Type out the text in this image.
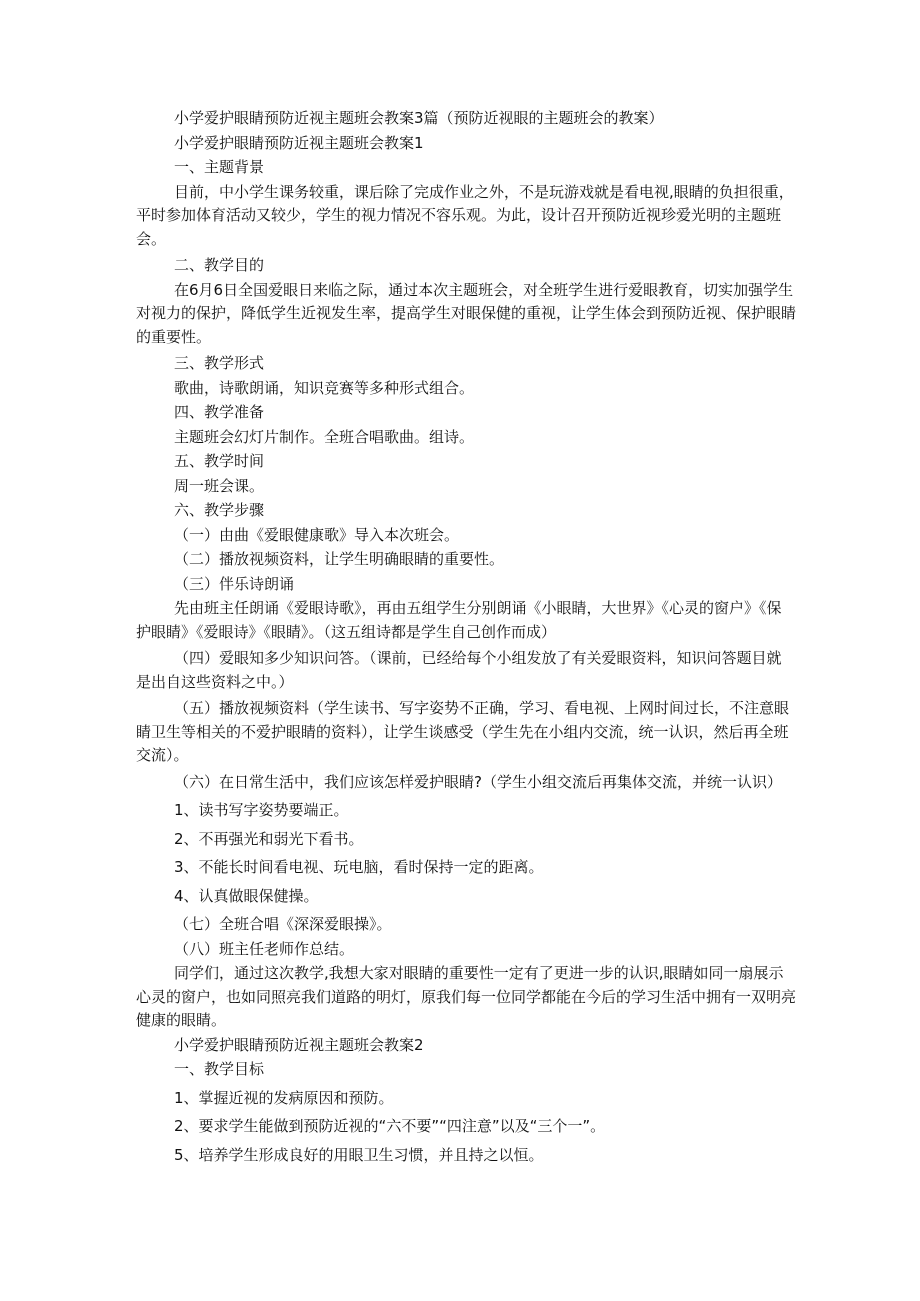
小学爱护眼睛预防近视主题班会教案3篇（预防近视眼的主题班会的教案）

小学爱护眼睛预防近视主题班会教案1

一、主题背景

目前，中小学生课务较重，课后除了完成作业之外，不是玩游戏就是看电视,眼睛的负担很重，平时参加体育活动又较少，学生的视力情况不容乐观。为此，设计召开预防近视珍爱光明的主题班会。

二、教学目的

在6月6日全国爱眼日来临之际，通过本次主题班会，对全班学生进行爱眼教育，切实加强学生对视力的保护，降低学生近视发生率，提高学生对眼保健的重视，让学生体会到预防近视、保护眼睛的重要性。

三、教学形式

歌曲，诗歌朗诵，知识竞赛等多种形式组合。

四、教学准备

主题班会幻灯片制作。全班合唱歌曲。组诗。

五、教学时间

周一班会课。

六、教学步骤

（一）由曲《爱眼健康歌》导入本次班会。

（二）播放视频资料，让学生明确眼睛的重要性。

（三）伴乐诗朗诵

先由班主任朗诵《爱眼诗歌》，再由五组学生分别朗诵《小眼睛，大世界》《心灵的窗户》《保护眼睛》《爱眼诗》《眼睛》。（这五组诗都是学生自己创作而成）

（四）爱眼知多少知识问答。（课前，已经给每个小组发放了有关爱眼资料，知识问答题目就是出自这些资料之中。）

（五）播放视频资料（学生读书、写字姿势不正确，学习、看电视、上网时间过长，不注意眼睛卫生等相关的不爱护眼睛的资料），让学生谈感受（学生先在小组内交流，统一认识，然后再全班交流）。

（六）在日常生活中，我们应该怎样爱护眼睛?（学生小组交流后再集体交流，并统一认识）

1、读书写字姿势要端正。

2、不再强光和弱光下看书。

3、不能长时间看电视、玩电脑，看时保持一定的距离。

4、认真做眼保健操。

（七）全班合唱《深深爱眼操》。

（八）班主任老师作总结。

同学们，通过这次教学,我想大家对眼睛的重要性一定有了更进一步的认识,眼睛如同一扇展示心灵的窗户，也如同照亮我们道路的明灯，原我们每一位同学都能在今后的学习生活中拥有一双明亮健康的眼睛。

小学爱护眼睛预防近视主题班会教案2

一、教学目标

1、掌握近视的发病原因和预防。

2、要求学生能做到预防近视的“六不要”“四注意”以及“三个一”。

5、培养学生形成良好的用眼卫生习惯，并且持之以恒。
